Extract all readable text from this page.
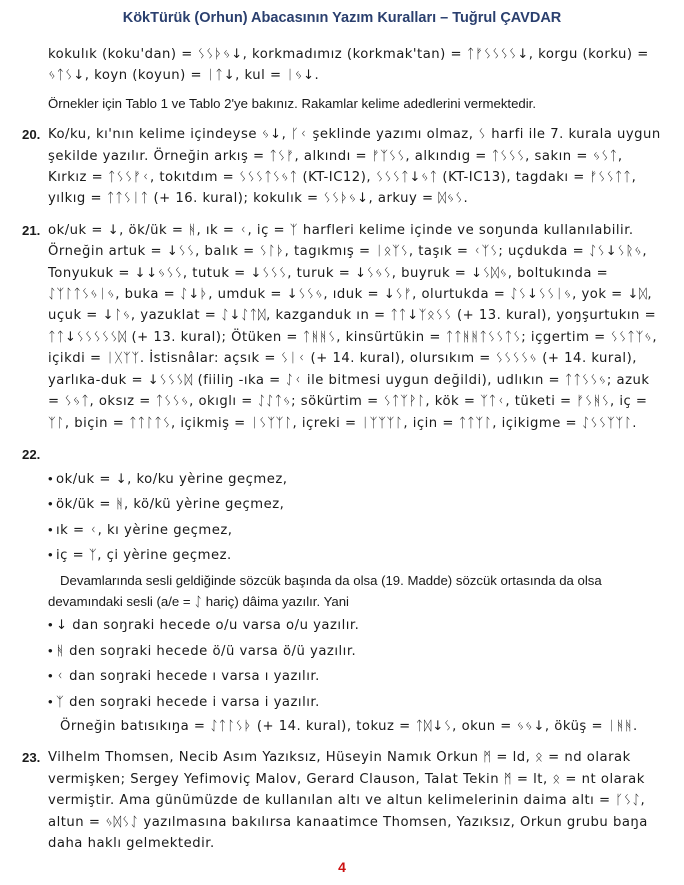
KökTürük (Orhun) Abacasının Yazım Kuralları – Tuğrul ÇAVDAR

kokulık (koku'dan) = ᛊᛊᚦᛃ↓, korkmadımız (korkmak'tan) = ᛏᚠᛊᛊᛊᛊ↓, korgu (korku) = ᛃᛏᛊ↓, koyn (koyun) = ᛁᛏ↓, kul = ᛁᛃ↓.

Örnekler için Tablo 1 ve Tablo 2'ye bakınız. Rakamlar kelime adedlerini vermektedir.

20. Ko/ku, kı'nın kelime içindeyse ᛃ↓, ᚴᚲ şeklinde yazımı olmaz, ᛊ harfi ile 7. kurala uygun şekilde yazılır. Örneğin arkış = ᛏᛊᚠ, alkındı = ᚠᛉᛊᛊ, alkındıg = ᛏᛊᛊᛊ, sakın = ᛃᛊᛏ, Kırkız = ᛏᛊᛊᚠᚲ, tokıtdım = ᛊᛊᛊᛏᛊᛃᛏ (KT-IC12), ᛊᛊᛊᛏ↓ᛃᛏ (KT-IC13), tagdakı = ᚠᛊᛊᛏᛏ, yılkıg = ᛏᛏᛊᛁᛏ (+ 16. kural); kokulık = ᛊᛊᚦᛃ↓, arkuy = ᛞᛃᛊ.

21. ok/uk = ↓, ök/ük = ᚻ, ık = ᚲ, iç = ᛉ harfleri kelime içinde ve soŋunda kullanılabilir. Örneğin artuk = ↓ᛊᛊ, balık = ᛊᛚᚦ, tagıkmış = ᛁᛟᛉᛊ, taşık = ᚲᛉᛊ; uçdukda = ᛇᛊ↓ᛊᚱᛃ, Tonyukuk = ↓↓ᛃᛊᛊ, tutuk = ↓ᛊᛊᛊ, turuk = ↓ᛊᛃᛊ, buyruk = ↓ᛊᛞᛃ, boltukında = ᛇᛉᛚᛏᛊᛃᛁᛃ, buka = ᛇ↓ᚦ, umduk = ↓ᛊᛊᛃ, ıduk = ↓ᛊᚠ, olurtukda = ᛇᛊ↓ᛊᛊᛁᛃ, yok = ↓ᛞ, uçuk = ↓ᛚᛃ, yazuklat = ᛇ↓ᛇᛏᛞ, kazganduk ın = ᛏᛏ↓ᛉᛟᛊᛊ (+ 13. kural), yoŋşurtukın = ᛏᛏ↓ᛊᛊᛊᛊᛊᛞ (+ 13. kural); Ötüken = ᛏᚻᚻᛊ, kinsürtükin = ᛏᛏᚻᚻᛏᛊᛊᛏᛊ; içgertim = ᛊᛊᛏᛉᛃ, içikdi = ᛁᚷᛉᛉ. İstisnâlar: açsık = ᛊᛁᚲ (+ 14. kural), olursıkım = ᛊᛊᛊᛊᛃ (+ 14. kural), yarlıka-duk = ↓ᛊᛊᛊᛞ (fiiliŋ -ıka = ᛇᚲ ile bitmesi uygun değildi), udlıkın = ᛏᛏᛊᛊᛃ; azuk = ᛊᛃᛏ, oksız = ᛏᛊᛊᛃ, okıglı = ᛇᛇᛏᛃ; sökürtim = ᛊᛏᛉᚹᛚ, kök = ᛉᛏᚲ, tüketi = ᚠᛊᚻᛊ, iç = ᛉᛚ, biçin = ᛏᛏᛚᛏᛊ, içikmiş = ᛁᛊᛉᛉᛚ, içreki = ᛁᛉᛉᛉᛚ, için = ᛏᛏᛉᛚ, içikigme = ᛇᛊᛊᛉᛉᛚ.

22.
• ok/uk = ↓, ko/ku yèrine geçmez,
• ök/ük = ᚻ, kö/kü yèrine geçmez,
• ık = ᚲ, kı yèrine geçmez,
• iç = ᛉ, çi yèrine geçmez.

Devamlarında sesli geldiğinde sözcük başında da olsa (19. Madde) sözcük ortasında da olsa devamındaki sesli (a/e = ᛇ hariç) dâima yazılır. Yani

• ↓ dan soŋraki hecede o/u varsa o/u yazılır.
• ᚻ den soŋraki hecede ö/ü varsa ö/ü yazılır.
• ᚲ dan soŋraki hecede ı varsa ı yazılır.
• ᛉ den soŋraki hecede i varsa i yazılır.

Örneğin batısıkıŋa = ᛇᛏᛚᛊᚦ (+ 14. kural), tokuz = ᛏᛞ↓ᛊ, okun = ᛃᛃ↓, öküş = ᛁᚻᚻ.

23. Vilhelm Thomsen, Necib Asım Yazıksız, Hüseyin Namık Orkun ᛗ = ld, ᛟ = nd olarak vermişken; Sergey Yefimoviç Malov, Gerard Clauson, Talat Tekin ᛗ = lt, ᛟ = nt olarak vermiştir. Ama günümüzde de kullanılan altı ve altun kelimelerinin daima altı = ᚴᛊᛇ, altun = ᛃᛞᛊᛇ yazılmasına bakılırsa kanaatimce Thomsen, Yazıksız, Orkun grubu baŋa daha haklı gelmektedir.

4
